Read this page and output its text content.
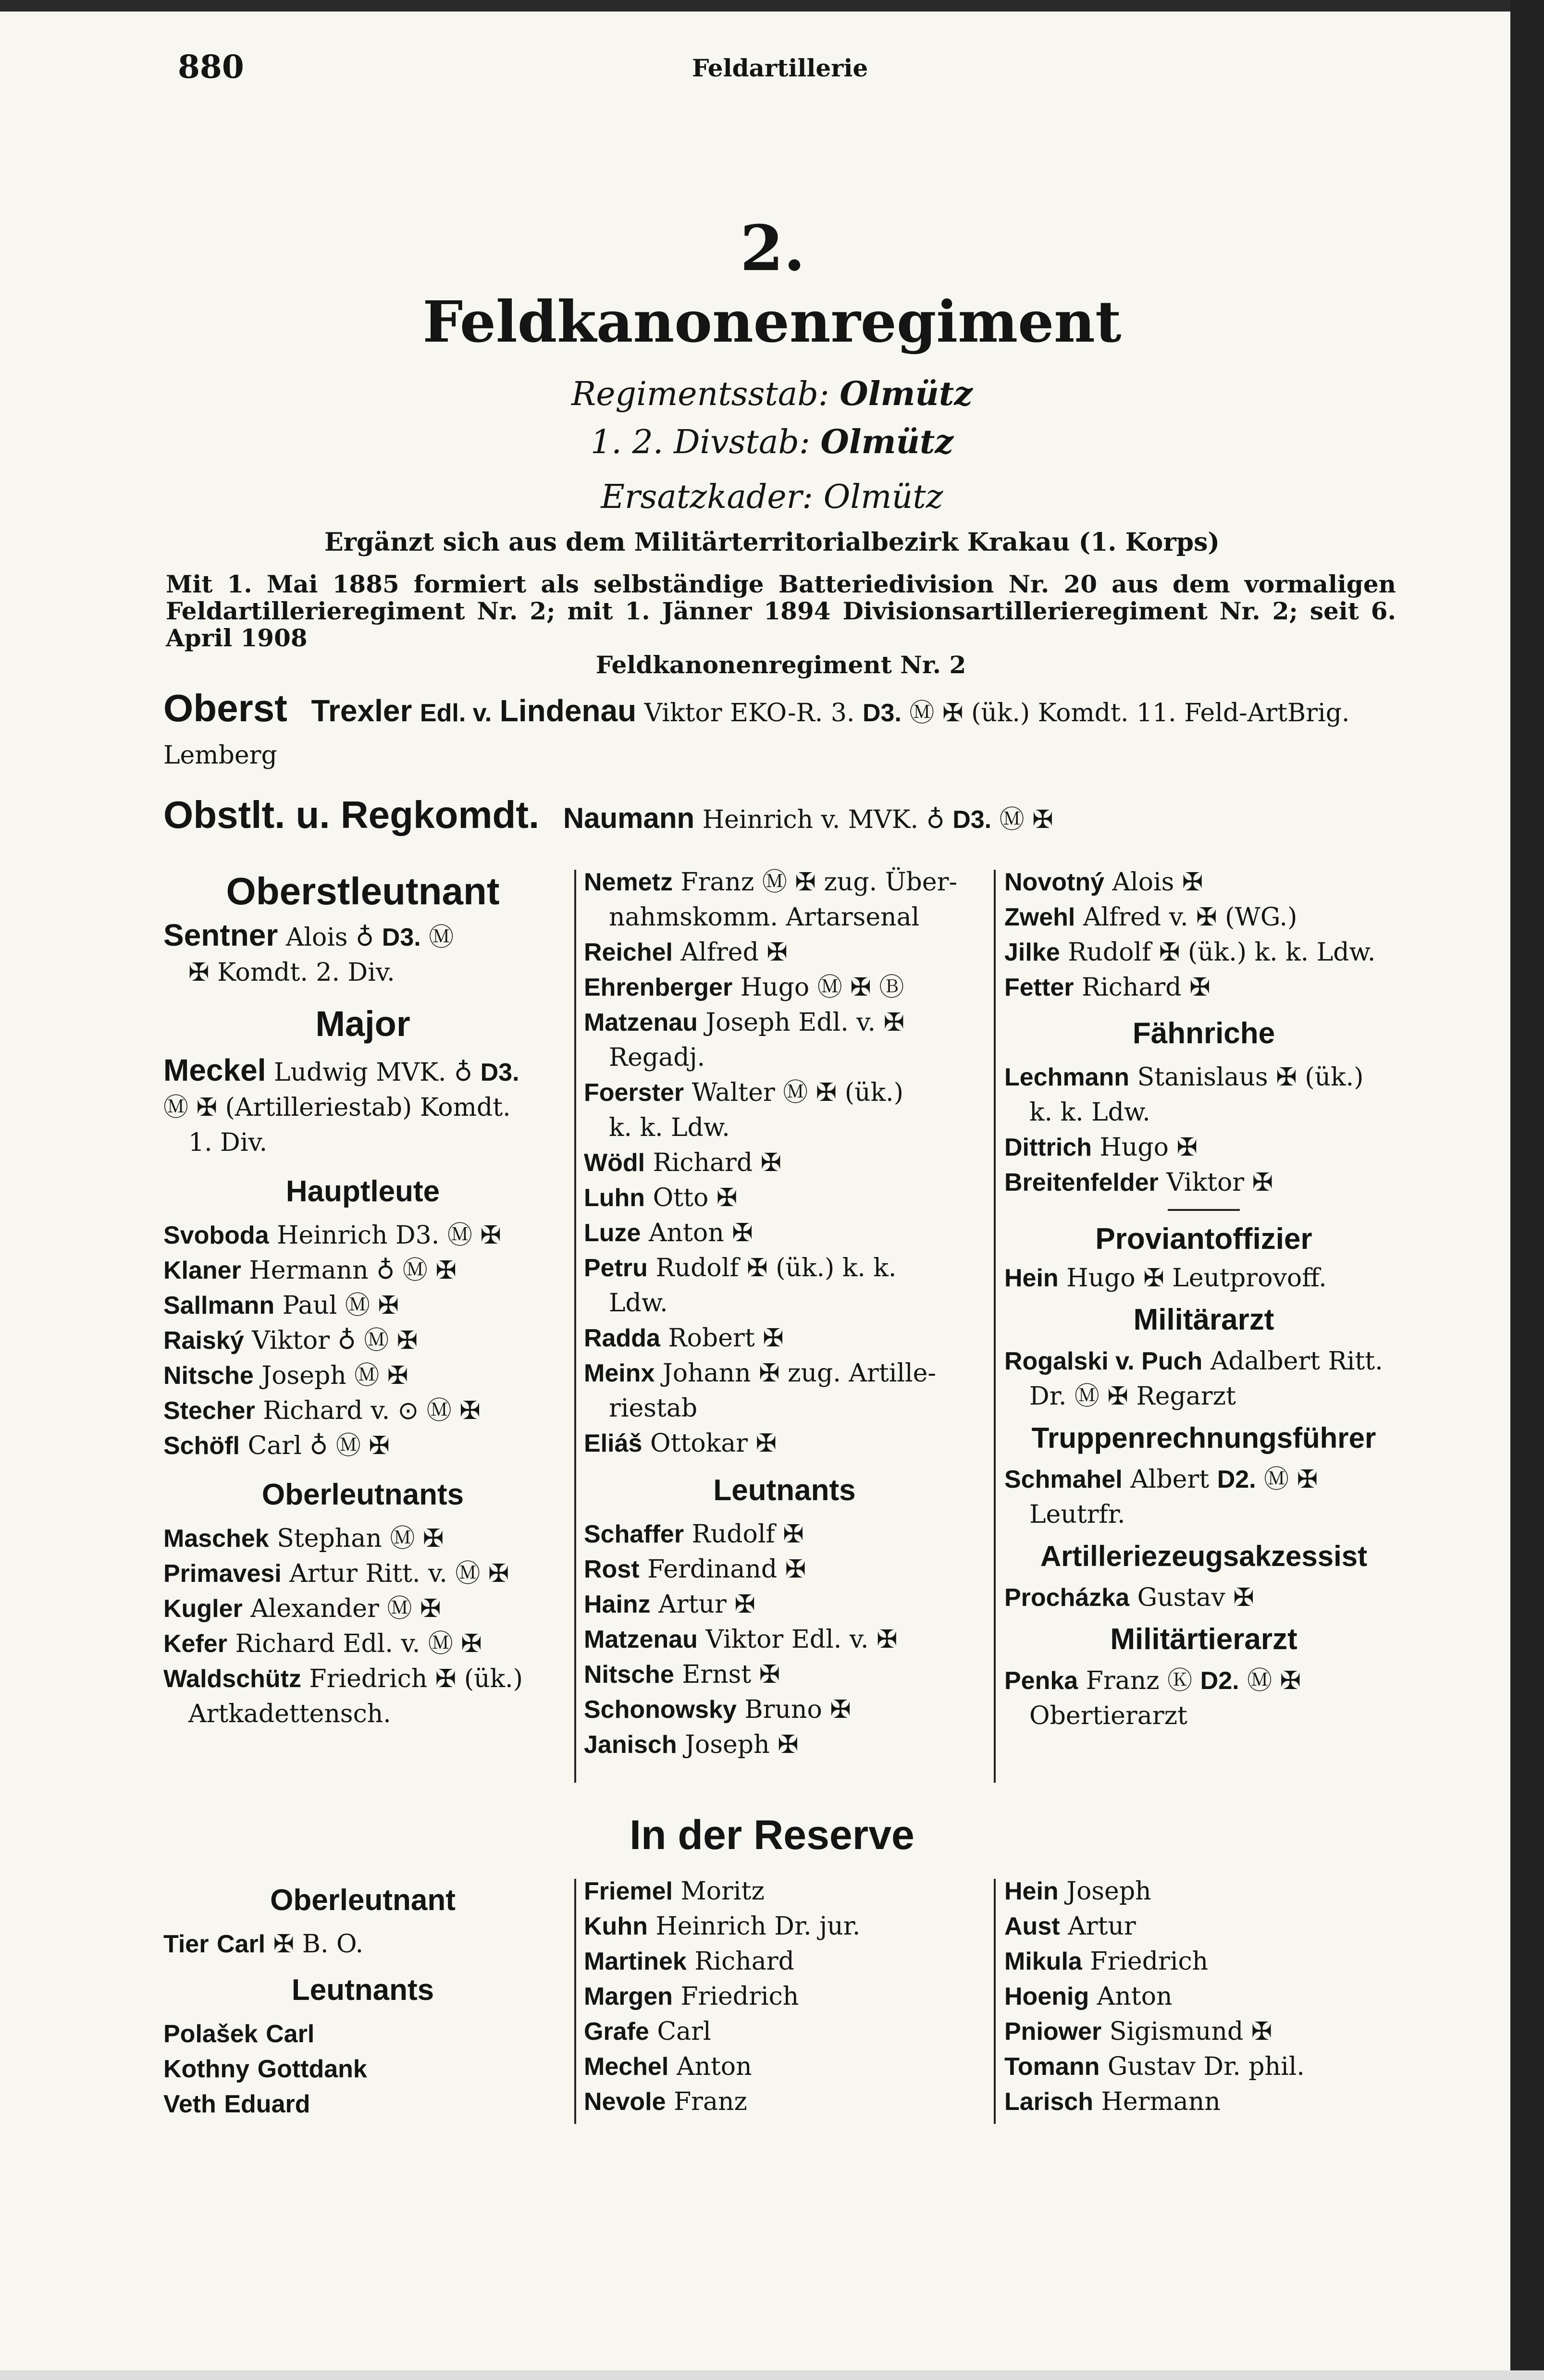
880	Feldartillerie
2.
Feldkanonenregiment
Regimentsstab: Olmütz
1. 2. Divstab: Olmütz
Ersatzkader: Olmütz
Ergänzt sich aus dem Militärterritorialbezirk Krakau (1. Korps)
Mit 1. Mai 1885 formiert als selbständige Batteriedivision Nr. 20 aus dem vormaligen Feldartillerieregiment Nr. 2; mit 1. Jänner 1894 Divisionsartillerieregiment Nr. 2; seit 6. April 1908
Feldkanonenregiment Nr. 2
Oberst Trexler Edl. v. Lindenau Viktor EKO-R. 3. D3. Ⓜ ✠ (ük.) Komdt. 11. Feld-ArtBrig. Lemberg
Obstlt. u. Regkomdt. Naumann Heinrich v. MVK. ♁ D3. Ⓜ ✠
Oberstleutnant
Sentner Alois ♁ D3. Ⓜ
✠ Komdt. 2. Div.
Major
Meckel Ludwig MVK. ♁ D3.
Ⓜ ✠ (Artilleriestab) Komdt.
1. Div.
Hauptleute
Svoboda Heinrich D3. Ⓜ ✠
Klaner Hermann ♁ Ⓜ ✠
Sallmann Paul Ⓜ ✠
Raiský Viktor ♁ Ⓜ ✠
Nitsche Joseph Ⓜ ✠
Stecher Richard v. ⊙ Ⓜ ✠
Schöfl Carl ♁ Ⓜ ✠
Oberleutnants
Maschek Stephan Ⓜ ✠
Primavesi Artur Ritt. v. Ⓜ ✠
Kugler Alexander Ⓜ ✠
Kefer Richard Edl. v. Ⓜ ✠
Waldschütz Friedrich ✠ (ük.)
Artkadettensch.
Nemetz Franz Ⓜ ✠ zug. Über-
nahmskomm. Artarsenal
Reichel Alfred ✠
Ehrenberger Hugo Ⓜ ✠ Ⓑ
Matzenau Joseph Edl. v. ✠
Regadj.
Foerster Walter Ⓜ ✠ (ük.)
k. k. Ldw.
Wödl Richard ✠
Luhn Otto ✠
Luze Anton ✠
Petru Rudolf ✠ (ük.) k. k.
Ldw.
Radda Robert ✠
Meinx Johann ✠ zug. Artille-
riestab
Eliáš Ottokar ✠
Leutnants
Schaffer Rudolf ✠
Rost Ferdinand ✠
Hainz Artur ✠
Matzenau Viktor Edl. v. ✠
Nitsche Ernst ✠
Schonowsky Bruno ✠
Janisch Joseph ✠
Novotný Alois ✠
Zwehl Alfred v. ✠ (WG.)
Jilke Rudolf ✠ (ük.) k. k. Ldw.
Fetter Richard ✠
Fähnriche
Lechmann Stanislaus ✠ (ük.)
k. k. Ldw.
Dittrich Hugo ✠
Breitenfelder Viktor ✠
Proviantoffizier
Hein Hugo ✠ Leutprovoff.
Militärarzt
Rogalski v. Puch Adalbert Ritt.
Dr. Ⓜ ✠ Regarzt
Truppenrechnungsführer
Schmahel Albert D2. Ⓜ ✠
Leutrfr.
Artilleriezeugsakzessist
Procházka Gustav ✠
Militärtierarzt
Penka Franz Ⓚ D2. Ⓜ ✠
Obertierarzt
In der Reserve
Oberleutnant
Tier Carl ✠ B. O.
Leutnants
Polašek Carl
Kothny Gottdank
Veth Eduard
Friemel Moritz
Kuhn Heinrich Dr. jur.
Martinek Richard
Margen Friedrich
Grafe Carl
Mechel Anton
Nevole Franz
Hein Joseph
Aust Artur
Mikula Friedrich
Hoenig Anton
Pniower Sigismund ✠
Tomann Gustav Dr. phil.
Larisch Hermann
